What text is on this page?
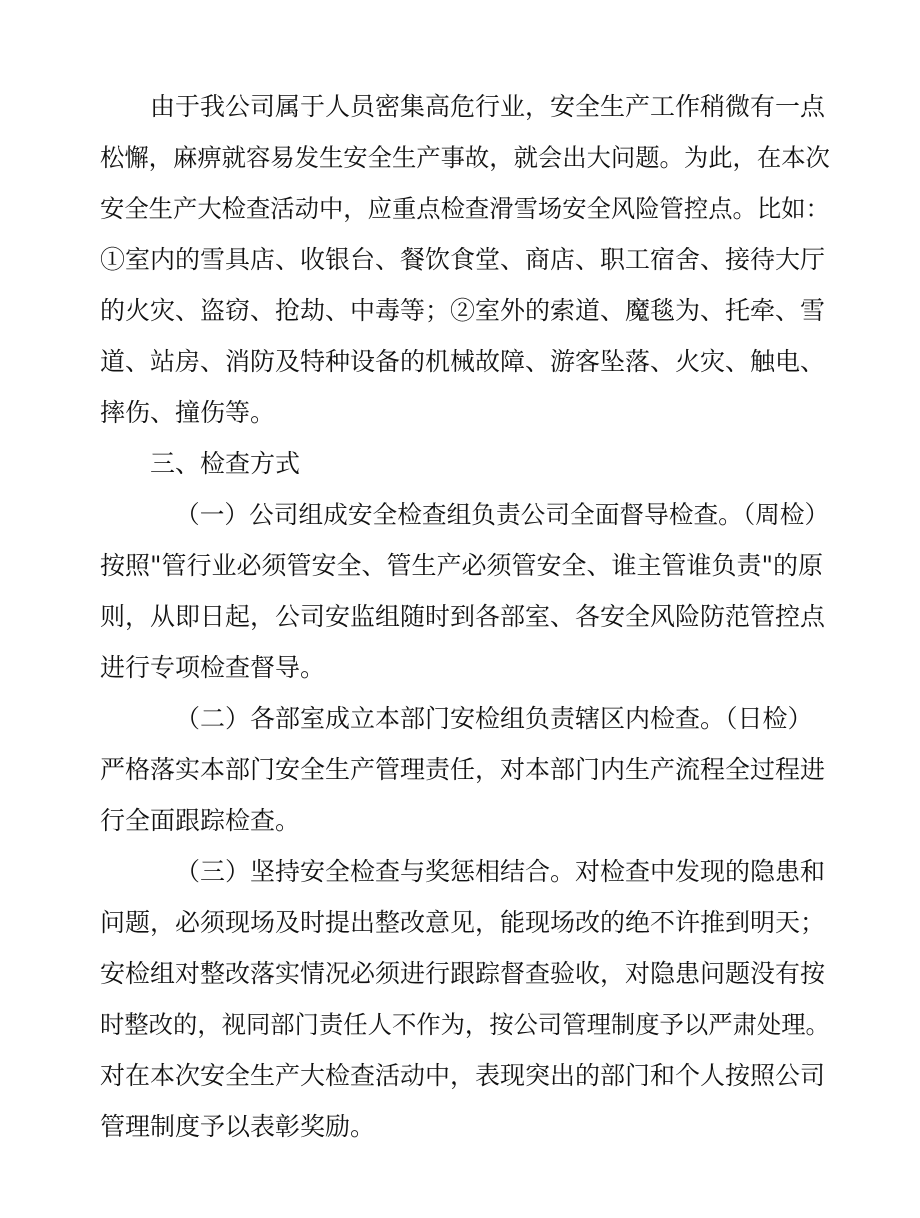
由于我公司属于人员密集高危行业，安全生产工作稍微有一点
松懈，麻痹就容易发生安全生产事故，就会出大问题。为此，在本次
安全生产大检查活动中，应重点检查滑雪场安全风险管控点。比如：
①室内的雪具店、收银台、餐饮食堂、商店、职工宿舍、接待大厅
的火灾、盗窃、抢劫、中毒等；②室外的索道、魔毯为、托牵、雪
道、站房、消防及特种设备的机械故障、游客坠落、火灾、触电、
摔伤、撞伤等。
三、检查方式
（一）公司组成安全检查组负责公司全面督导检查。（周检）
按照"管行业必须管安全、管生产必须管安全、谁主管谁负责"的原
则，从即日起，公司安监组随时到各部室、各安全风险防范管控点
进行专项检查督导。
（二）各部室成立本部门安检组负责辖区内检查。（日检）
严格落实本部门安全生产管理责任，对本部门内生产流程全过程进
行全面跟踪检查。
（三）坚持安全检查与奖惩相结合。对检查中发现的隐患和
问题，必须现场及时提出整改意见，能现场改的绝不许推到明天；
安检组对整改落实情况必须进行跟踪督查验收，对隐患问题没有按
时整改的，视同部门责任人不作为，按公司管理制度予以严肃处理。
对在本次安全生产大检查活动中，表现突出的部门和个人按照公司
管理制度予以表彰奖励。
